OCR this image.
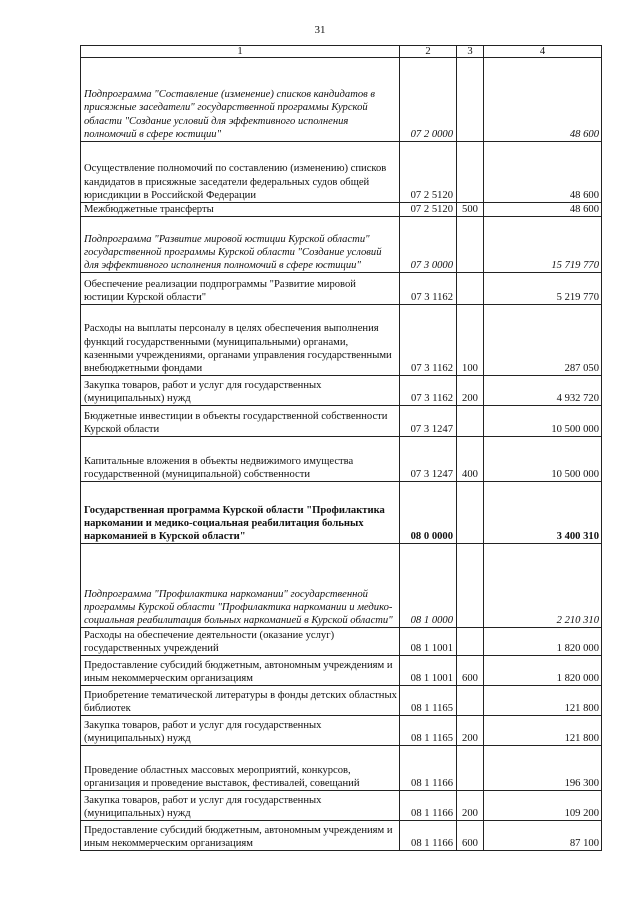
31
1	2	3	4
Подпрограмма "Составление (изменение) списков кандидатов в присяжные заседатели" государственной программы Курской области "Создание условий для эффективного исполнения полномочий в сфере юстиции"	07 2 0000		48 600
Осуществление полномочий по составлению (изменению) списков кандидатов в присяжные заседатели федеральных судов общей юрисдикции в Российской Федерации	07 2 5120		48 600
Межбюджетные трансферты	07 2 5120	500	48 600
Подпрограмма "Развитие мировой юстиции Курской области" государственной программы Курской области "Создание условий для эффективного исполнения полномочий в сфере юстиции"	07 3 0000		15 719 770
Обеспечение реализации подпрограммы "Развитие мировой юстиции Курской области"	07 3 1162		5 219 770
Расходы на выплаты персоналу в целях обеспечения выполнения функций государственными (муниципальными) органами, казенными учреждениями, органами управления государственными внебюджетными фондами	07 3 1162	100	287 050
Закупка товаров, работ и услуг для государственных (муниципальных) нужд	07 3 1162	200	4 932 720
Бюджетные инвестиции в объекты государственной собственности Курской области	07 3 1247		10 500 000
Капитальные вложения в объекты недвижимого имущества государственной (муниципальной) собственности	07 3 1247	400	10 500 000
Государственная программа Курской области "Профилактика наркомании и медико-социальная реабилитация больных наркоманией в Курской области"	08 0 0000		3 400 310
Подпрограмма "Профилактика наркомании" государственной программы Курской области "Профилактика наркомании и медико-социальная реабилитация больных наркоманией в Курской области"	08 1 0000		2 210 310
Расходы на обеспечение деятельности (оказание услуг) государственных учреждений	08 1 1001		1 820 000
Предоставление субсидий бюджетным, автономным учреждениям и иным некоммерческим организациям	08 1 1001	600	1 820 000
Приобретение тематической литературы в фонды детских областных библиотек	08 1 1165		121 800
Закупка товаров, работ и услуг для государственных (муниципальных) нужд	08 1 1165	200	121 800
Проведение областных массовых мероприятий, конкурсов, организация и проведение выставок, фестивалей, совещаний	08 1 1166		196 300
Закупка товаров, работ и услуг для государственных (муниципальных) нужд	08 1 1166	200	109 200
Предоставление субсидий бюджетным, автономным учреждениям и иным некоммерческим организациям	08 1 1166	600	87 100
